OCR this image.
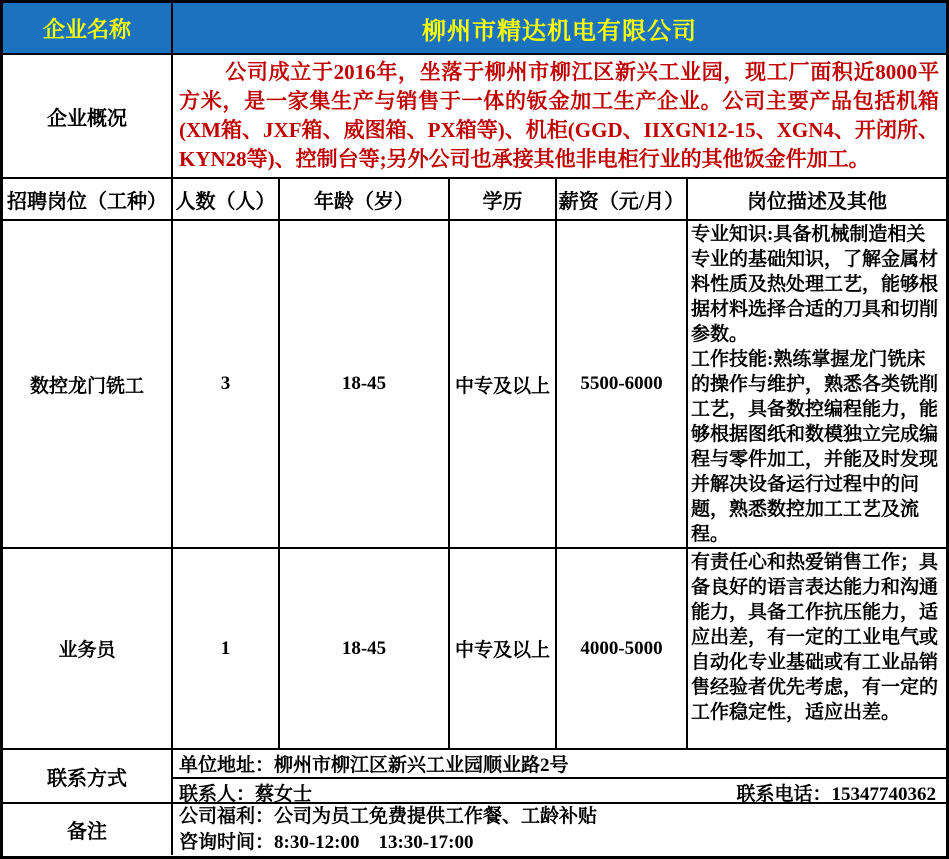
企业名称	柳州市精达机电有限公司
企业概况
公司成立于2016年，坐落于柳州市柳江区新兴工业园，现工厂面积近8000平方米，是一家集生产与销售于一体的钣金加工生产企业。公司主要产品包括机箱(XM箱、JXF箱、威图箱、PX箱等)、机柜(GGD、IIXGN12-15、XGN4、开闭所、KYN28等)、控制台等;另外公司也承接其他非电柜行业的其他饭金件加工。
招聘岗位（工种） 人数（人）	年龄（岁）	学历	薪资（元/月）	岗位描述及其他
数控龙门铣工	3	18-45	中专及以上	5500-6000
专业知识:具备机械制造相关专业的基础知识，了解金属材料性质及热处理工艺，能够根据材料选择合适的刀具和切削参数。
工作技能:熟练掌握龙门铣床的操作与维护，熟悉各类铣削工艺，具备数控编程能力，能够根据图纸和数模独立完成编程与零件加工，并能及时发现并解决设备运行过程中的问题，熟悉数控加工工艺及流程。
业务员	1	18-45	中专及以上	4000-5000
有责任心和热爱销售工作；具备良好的语言表达能力和沟通能力，具备工作抗压能力，适应出差，有一定的工业电气或自动化专业基础或有工业品销售经验者优先考虑，有一定的工作稳定性，适应出差。
联系方式
单位地址：柳州市柳江区新兴工业园顺业路2号
联系人：蔡女士	联系电话：15347740362
备注
公司福利：公司为员工免费提供工作餐、工龄补贴
咨询时间：8:30-12:00    13:30-17:00
